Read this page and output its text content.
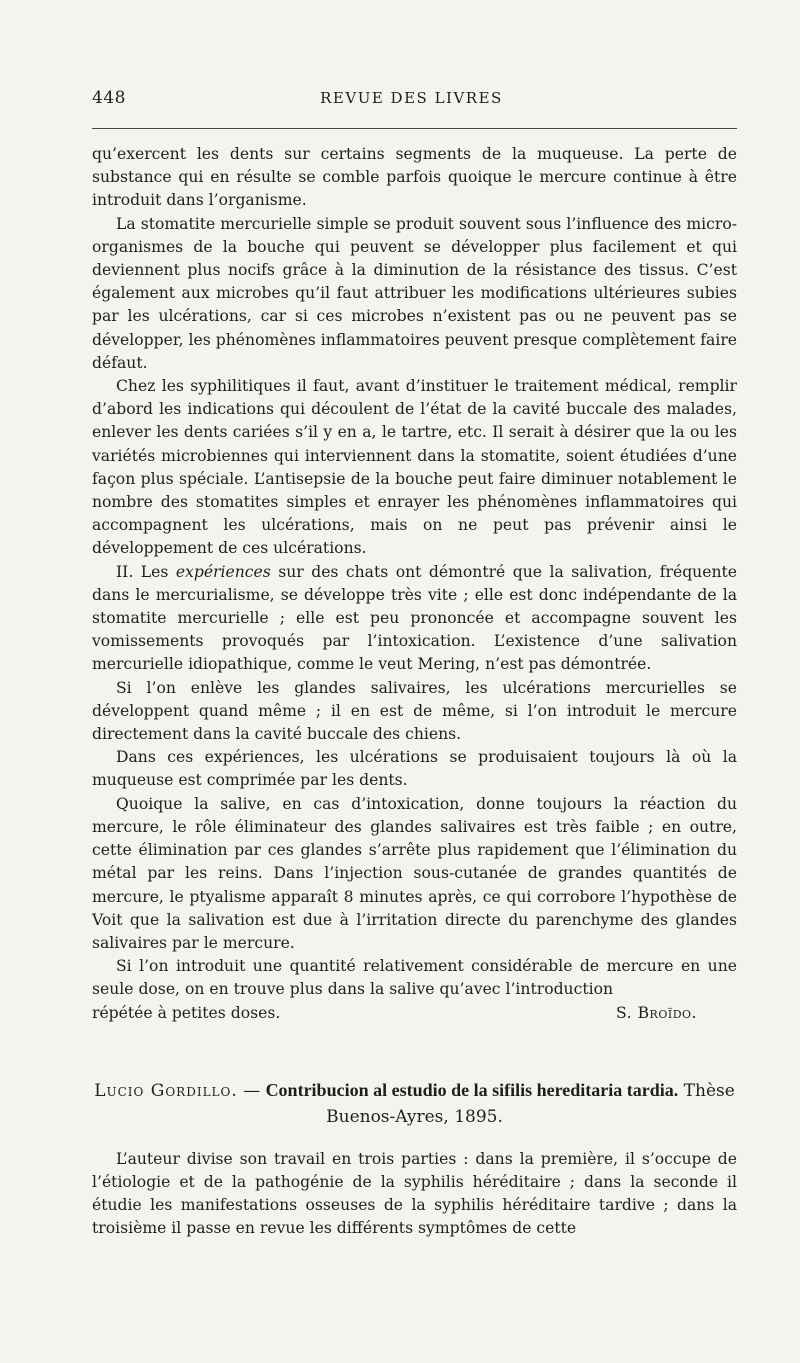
448	REVUE DES LIVRES

qu’exercent les dents sur certains segments de la muqueuse. La perte de substance qui en résulte se comble parfois quoique le mercure continue à être introduit dans l’organisme.

La stomatite mercurielle simple se produit souvent sous l’influence des micro-organismes de la bouche qui peuvent se développer plus facilement et qui deviennent plus nocifs grâce à la diminution de la résistance des tissus. C’est également aux microbes qu’il faut attribuer les modifications ultérieures subies par les ulcérations, car si ces microbes n’existent pas ou ne peuvent pas se développer, les phénomènes inflammatoires peuvent presque complètement faire défaut.

Chez les syphilitiques il faut, avant d’instituer le traitement médical, remplir d’abord les indications qui découlent de l’état de la cavité buccale des malades, enlever les dents cariées s’il y en a, le tartre, etc. Il serait à désirer que la ou les variétés microbiennes qui interviennent dans la stomatite, soient étudiées d’une façon plus spéciale. L’antisepsie de la bouche peut faire diminuer notablement le nombre des stomatites simples et enrayer les phénomènes inflammatoires qui accompagnent les ulcérations, mais on ne peut pas prévenir ainsi le développement de ces ulcérations.

II. Les expériences sur des chats ont démontré que la salivation, fréquente dans le mercurialisme, se développe très vite ; elle est donc indépendante de la stomatite mercurielle ; elle est peu prononcée et accompagne souvent les vomissements provoqués par l’intoxication. L’existence d’une salivation mercurielle idiopathique, comme le veut Mering, n’est pas démontrée.

Si l’on enlève les glandes salivaires, les ulcérations mercurielles se développent quand même ; il en est de même, si l’on introduit le mercure directement dans la cavité buccale des chiens.

Dans ces expériences, les ulcérations se produisaient toujours là où la muqueuse est comprimée par les dents.

Quoique la salive, en cas d’intoxication, donne toujours la réaction du mercure, le rôle éliminateur des glandes salivaires est très faible ; en outre, cette élimination par ces glandes s’arrête plus rapidement que l’élimination du métal par les reins. Dans l’injection sous-cutanée de grandes quantités de mercure, le ptyalisme apparaît 8 minutes après, ce qui corrobore l’hypothèse de Voit que la salivation est due à l’irritation directe du parenchyme des glandes salivaires par le mercure.

Si l’on introduit une quantité relativement considérable de mercure en une seule dose, on en trouve plus dans la salive qu’avec l’introduction

répétée à petites doses.	S. Broïdo.
Lucio Gordillo. — Contribucion al estudio de la sifilis hereditaria tardia. Thèse Buenos-Ayres, 1895.

L’auteur divise son travail en trois parties : dans la première, il s’occupe de l’étiologie et de la pathogénie de la syphilis héréditaire ; dans la seconde il étudie les manifestations osseuses de la syphilis héréditaire tardive ; dans la troisième il passe en revue les différents symptômes de cette
